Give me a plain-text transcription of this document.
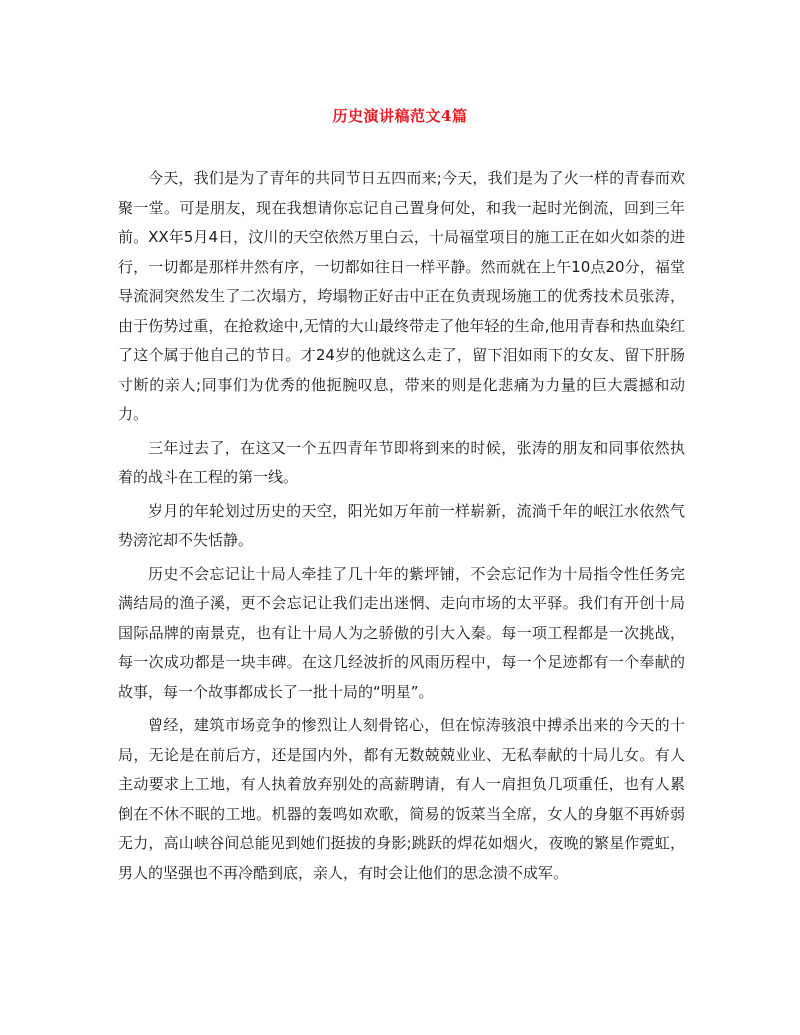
历史演讲稿范文4篇

今天，我们是为了青年的共同节日五四而来;今天，我们是为了火一样的青春而欢聚一堂。可是朋友，现在我想请你忘记自己置身何处，和我一起时光倒流，回到三年前。XX年5月4日，汶川的天空依然万里白云，十局福堂项目的施工正在如火如荼的进行，一切都是那样井然有序，一切都如往日一样平静。然而就在上午10点20分，福堂导流洞突然发生了二次塌方，垮塌物正好击中正在负责现场施工的优秀技术员张涛，由于伤势过重，在抢救途中,无情的大山最终带走了他年轻的生命,他用青春和热血染红了这个属于他自己的节日。才24岁的他就这么走了，留下泪如雨下的女友、留下肝肠寸断的亲人;同事们为优秀的他扼腕叹息，带来的则是化悲痛为力量的巨大震撼和动力。

三年过去了，在这又一个五四青年节即将到来的时候，张涛的朋友和同事依然执着的战斗在工程的第一线。

岁月的年轮划过历史的天空，阳光如万年前一样崭新，流淌千年的岷江水依然气势滂沱却不失恬静。

历史不会忘记让十局人牵挂了几十年的紫坪铺，不会忘记作为十局指令性任务完满结局的渔子溪，更不会忘记让我们走出迷惘、走向市场的太平驿。我们有开创十局国际品牌的南景克，也有让十局人为之骄傲的引大入秦。每一项工程都是一次挑战，每一次成功都是一块丰碑。在这几经波折的风雨历程中，每一个足迹都有一个奉献的故事，每一个故事都成长了一批十局的“明星”。

曾经，建筑市场竞争的惨烈让人刻骨铭心，但在惊涛骇浪中搏杀出来的今天的十局，无论是在前后方，还是国内外，都有无数兢兢业业、无私奉献的十局儿女。有人主动要求上工地，有人执着放弃别处的高薪聘请，有人一肩担负几项重任，也有人累倒在不休不眠的工地。机器的轰鸣如欢歌，简易的饭菜当全席，女人的身躯不再娇弱无力，高山峡谷间总能见到她们挺拔的身影;跳跃的焊花如烟火，夜晚的繁星作霓虹，男人的坚强也不再冷酷到底，亲人，有时会让他们的思念溃不成军。
